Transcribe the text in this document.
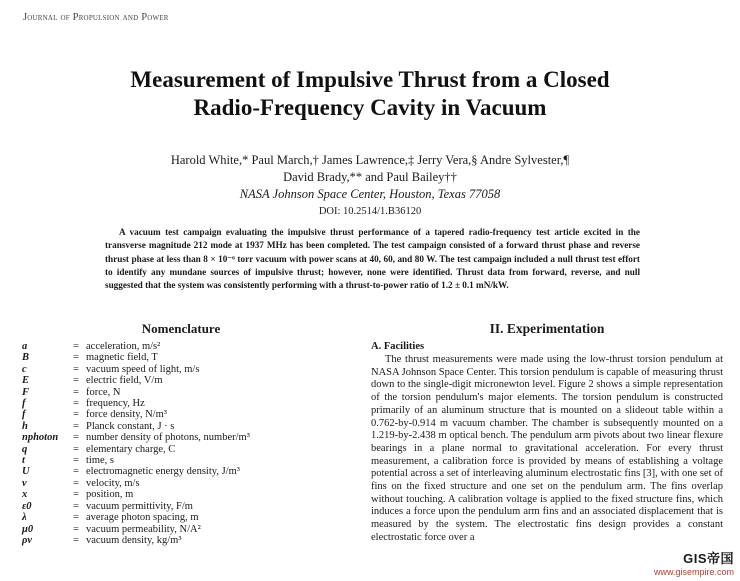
Journal of Propulsion and Power
Measurement of Impulsive Thrust from a Closed
Radio-Frequency Cavity in Vacuum
Harold White,* Paul March,† James Lawrence,‡ Jerry Vera,§ Andre Sylvester,¶
David Brady,** and Paul Bailey††
NASA Johnson Space Center, Houston, Texas 77058
DOI: 10.2514/1.B36120
A vacuum test campaign evaluating the impulsive thrust performance of a tapered radio-frequency test article excited in the transverse magnitude 212 mode at 1937 MHz has been completed. The test campaign consisted of a forward thrust phase and reverse thrust phase at less than 8 × 10⁻⁶ torr vacuum with power scans at 40, 60, and 80 W. The test campaign included a null thrust test effort to identify any mundane sources of impulsive thrust; however, none were identified. Thrust data from forward, reverse, and null suggested that the system was consistently performing with a thrust-to-power ratio of 1.2 ± 0.1 mN/kW.
Nomenclature
a	= acceleration, m/s²
B	= magnetic field, T
c	= vacuum speed of light, m/s
E	= electric field, V/m
F	= force, N
f	= frequency, Hz
f	= force density, N/m³
h	= Planck constant, J · s
nphoton	= number density of photons, number/m³
q	= elementary charge, C
t	= time, s
U	= electromagnetic energy density, J/m³
v	= velocity, m/s
x	= position, m
ε0	= vacuum permittivity, F/m
λ	= average photon spacing, m
μ0	= vacuum permeability, N/A²
ρv	= vacuum density, kg/m³
II. Experimentation
A. Facilities
The thrust measurements were made using the low-thrust torsion pendulum at NASA Johnson Space Center. This torsion pendulum is capable of measuring thrust down to the single-digit micronewton level. Figure 2 shows a simple representation of the torsion pendulum's major elements. The torsion pendulum is constructed primarily of an aluminum structure that is mounted on a slideout table within a 0.762-by-0.914 m vacuum chamber. The chamber is subsequently mounted on a 1.219-by-2.438 m optical bench. The pendulum arm pivots about two linear flexure bearings in a plane normal to gravitational acceleration. For every thrust measurement, a calibration force is provided by means of establishing a voltage potential across a set of interleaving aluminum electrostatic fins [3], with one set of fins on the fixed structure and one set on the pendulum arm. The fins overlap without touching. A calibration voltage is applied to the fixed structure fins, which induces a force upon the pendulum arm fins and an associated displacement that is measured by the system. The electrostatic fins design provides a constant electrostatic force over a
GIS帝国
www.gisempire.com
